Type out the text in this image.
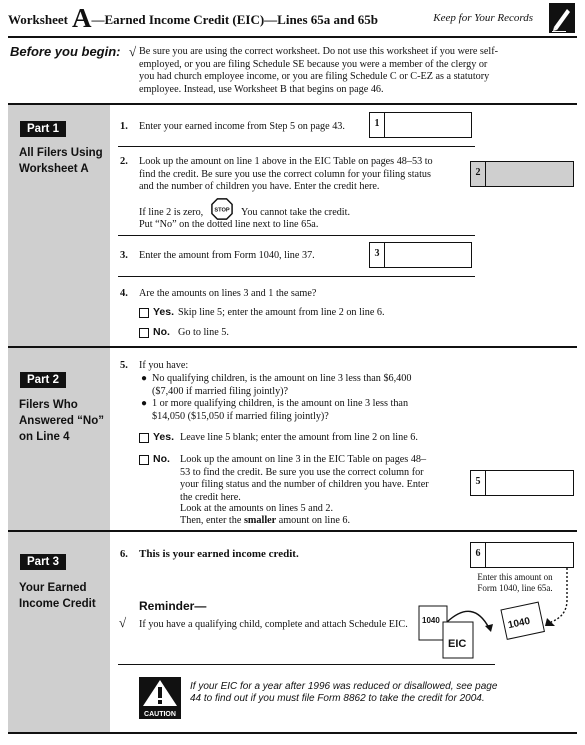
Worksheet A—Earned Income Credit (EIC)—Lines 65a and 65b	Keep for Your Records
Before you begin: √ Be sure you are using the correct worksheet. Do not use this worksheet if you were self-employed, or you are filing Schedule SE because you were a member of the clergy or you had church employee income, or you are filing Schedule C or C-EZ as a statutory employee. Instead, use Worksheet B that begins on page 46.
Part 1
All Filers Using Worksheet A
Part 2
Filers Who Answered “No” on Line 4
Part 3
Your Earned Income Credit
1. Enter your earned income from Step 5 on page 43.	1
2. Look up the amount on line 1 above in the EIC Table on pages 48–53 to find the credit. Be sure you use the correct column for your filing status and the number of children you have. Enter the credit here.
2
If line 2 is zero, STOP You cannot take the credit.
Put “No” on the dotted line next to line 65a.
3. Enter the amount from Form 1040, line 37.	3
4. Are the amounts on lines 3 and 1 the same?
Yes. Skip line 5; enter the amount from line 2 on line 6.
No. Go to line 5.
5. If you have:
● No qualifying children, is the amount on line 3 less than $6,400 ($7,400 if married filing jointly)?
● 1 or more qualifying children, is the amount on line 3 less than $14,050 ($15,050 if married filing jointly)?
Yes. Leave line 5 blank; enter the amount from line 2 on line 6.
No. Look up the amount on line 3 in the EIC Table on pages 48–53 to find the credit. Be sure you use the correct column for your filing status and the number of children you have. Enter the credit here.
Look at the amounts on lines 5 and 2.
Then, enter the smaller amount on line 6.
5
6. This is your earned income credit.	6
Enter this amount on Form 1040, line 65a.
Reminder—
√ If you have a qualifying child, complete and attach Schedule EIC. 1040
EIC
1040
CAUTION
If your EIC for a year after 1996 was reduced or disallowed, see page 44 to find out if you must file Form 8862 to take the credit for 2004.
